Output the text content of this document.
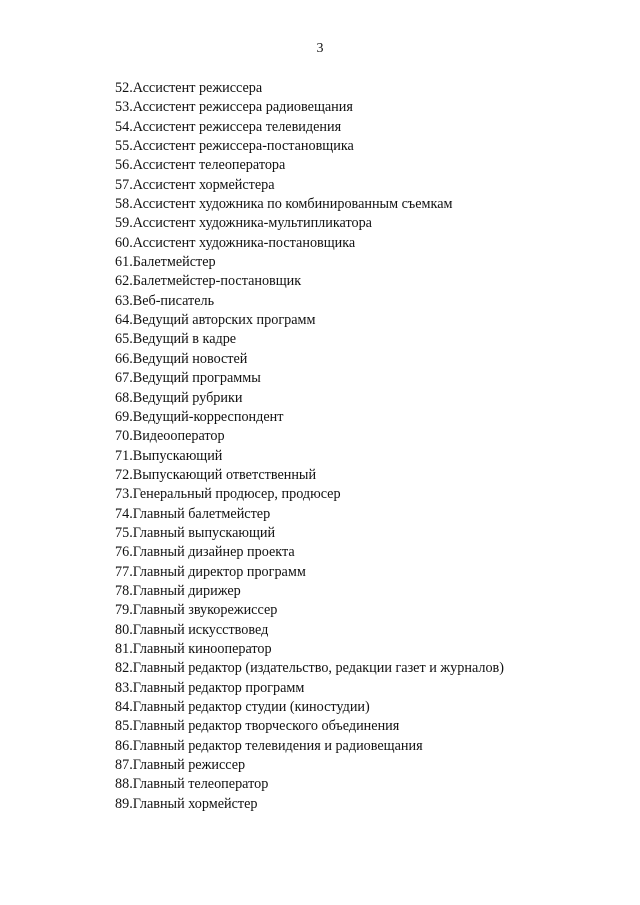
3
52 . Ассистент режиссера
53 . Ассистент режиссера радиовещания
54 . Ассистент режиссера телевидения
55 . Ассистент режиссера-постановщика
56 . Ассистент телеоператора
57 . Ассистент хормейстера
58 . Ассистент художника по комбинированным съемкам
59 . Ассистент художника-мультипликатора
60 . Ассистент художника-постановщика
61 . Балетмейстер
62 . Балетмейстер-постановщик
63 . Веб-писатель
64 . Ведущий авторских программ
65 . Ведущий в кадре
66 . Ведущий новостей
67 . Ведущий программы
68 . Ведущий рубрики
69 . Ведущий-корреспондент
70 . Видеооператор
71 . Выпускающий
72 . Выпускающий ответственный
73 . Генеральный продюсер, продюсер
74 . Главный балетмейстер
75 . Главный выпускающий
76 . Главный дизайнер проекта
77 . Главный директор программ
78 . Главный дирижер
79 . Главный звукорежиссер
80 . Главный искусствовед
81 . Главный кинооператор
82 . Главный редактор (издательство, редакции газет и журналов)
83 . Главный редактор программ
84 . Главный редактор студии (киностудии)
85 . Главный редактор творческого объединения
86 . Главный редактор телевидения и радиовещания
87 . Главный режиссер
88 . Главный телеоператор
89 . Главный хормейстер
